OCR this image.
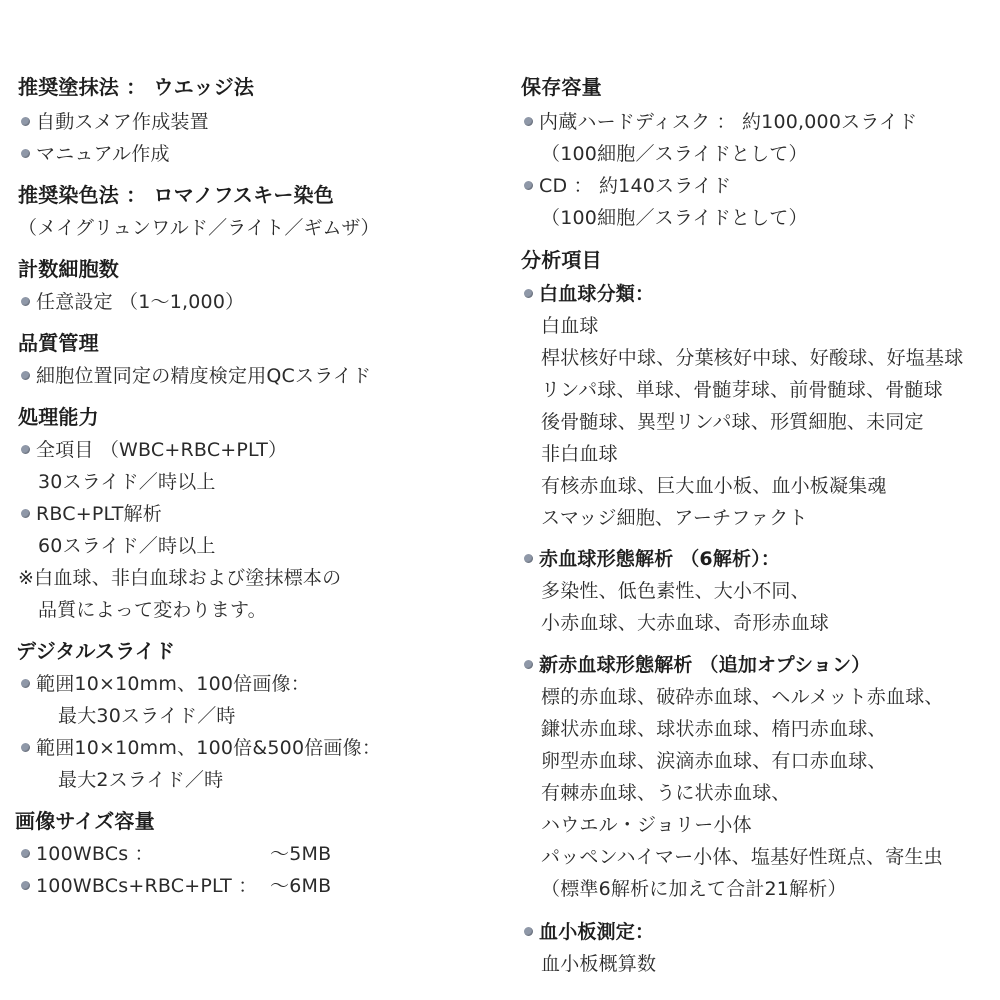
推奨塗抹法 ： ウエッジ法
自動スメア作成装置
マニュアル作成
推奨染色法 ： ロマノフスキー染色
（メイグリュンワルド／ライト／ギムザ）
計数細胞数
任意設定 （1～1,000）
品質管理
細胞位置同定の精度検定用QCスライド
処理能力
全項目 （WBC+RBC+PLT）
30スライド／時以上
RBC+PLT解析
60スライド／時以上
※白血球、非白血球および塗抹標本の
品質によって変わります。
デジタルスライド
範囲10×10mm、100倍画像：
最大30スライド／時
範囲10×10mm、100倍&500倍画像：
最大2スライド／時
画像サイズ容量
100WBCs ：	～5MB
100WBCs+RBC+PLT ： ～6MB
保存容量
内蔵ハードディスク ： 約100,000スライド
（100細胞／スライドとして）
CD ： 約140スライド
（100細胞／スライドとして）
分析項目
白血球分類：
白血球
桿状核好中球、分葉核好中球、好酸球、好塩基球
リンパ球、単球、骨髄芽球、前骨髄球、骨髄球
後骨髄球、異型リンパ球、形質細胞、未同定
非白血球
有核赤血球、巨大血小板、血小板凝集魂
スマッジ細胞、アーチファクト
赤血球形態解析 （6解析）：
多染性、低色素性、大小不同、
小赤血球、大赤血球、奇形赤血球
新赤血球形態解析 （追加オプション）
標的赤血球、破砕赤血球、ヘルメット赤血球、
鎌状赤血球、球状赤血球、楕円赤血球、
卵型赤血球、涙滴赤血球、有口赤血球、
有棘赤血球、うに状赤血球、
ハウエル・ジョリー小体
パッペンハイマー小体、塩基好性斑点、寄生虫
（標準6解析に加えて合計21解析）
血小板測定：
血小板概算数
